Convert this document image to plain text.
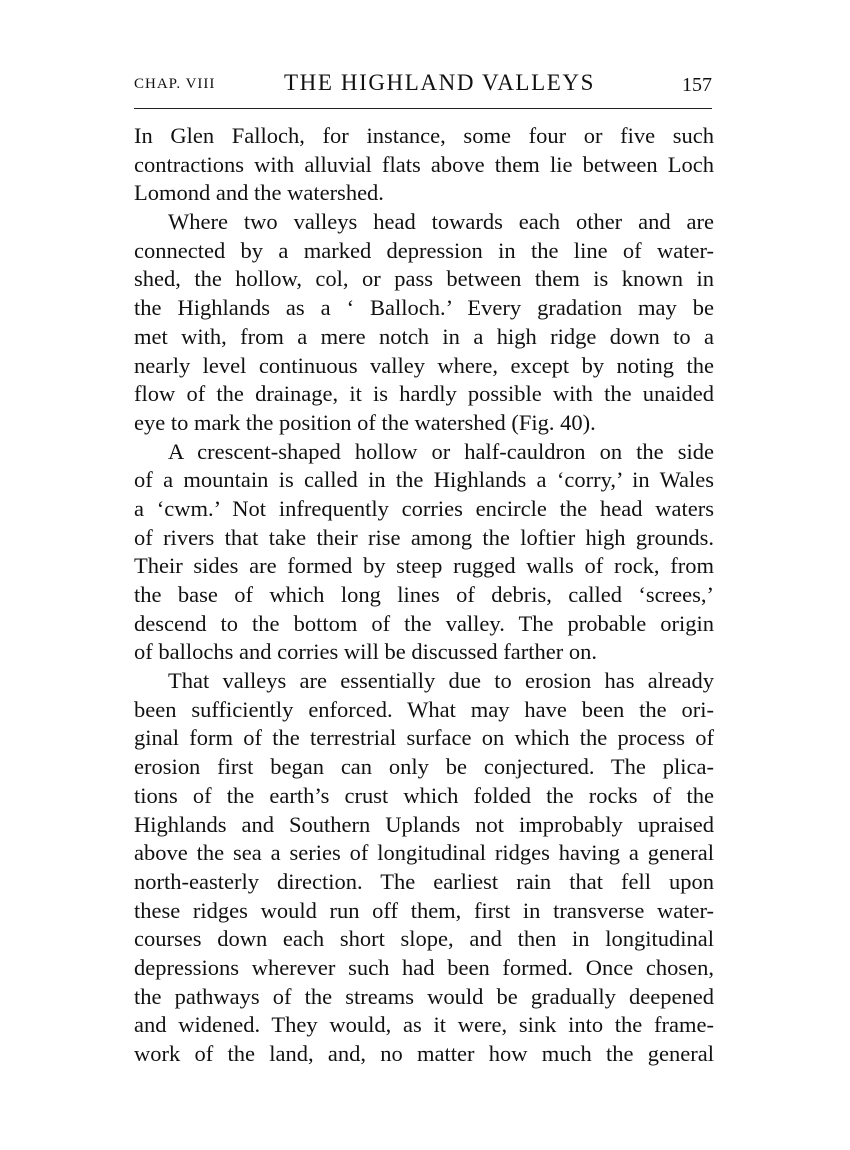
CHAP. VIII	THE HIGHLAND VALLEYS	157
In Glen Falloch, for instance, some four or five such
contractions with alluvial flats above them lie between Loch
Lomond and the watershed.
Where two valleys head towards each other and are
connected by a marked depression in the line of water-
shed, the hollow, col, or pass between them is known in
the Highlands as a ‘ Balloch.’ Every gradation may be
met with, from a mere notch in a high ridge down to a
nearly level continuous valley where, except by noting the
flow of the drainage, it is hardly possible with the unaided
eye to mark the position of the watershed (Fig. 40).
A crescent-shaped hollow or half-cauldron on the side
of a mountain is called in the Highlands a ‘corry,’ in Wales
a ‘cwm.’ Not infrequently corries encircle the head waters
of rivers that take their rise among the loftier high grounds.
Their sides are formed by steep rugged walls of rock, from
the base of which long lines of debris, called ‘screes,’
descend to the bottom of the valley. The probable origin
of ballochs and corries will be discussed farther on.
That valleys are essentially due to erosion has already
been sufficiently enforced. What may have been the ori-
ginal form of the terrestrial surface on which the process of
erosion first began can only be conjectured. The plica-
tions of the earth’s crust which folded the rocks of the
Highlands and Southern Uplands not improbably upraised
above the sea a series of longitudinal ridges having a general
north-easterly direction. The earliest rain that fell upon
these ridges would run off them, first in transverse water-
courses down each short slope, and then in longitudinal
depressions wherever such had been formed. Once chosen,
the pathways of the streams would be gradually deepened
and widened. They would, as it were, sink into the frame-
work of the land, and, no matter how much the general
